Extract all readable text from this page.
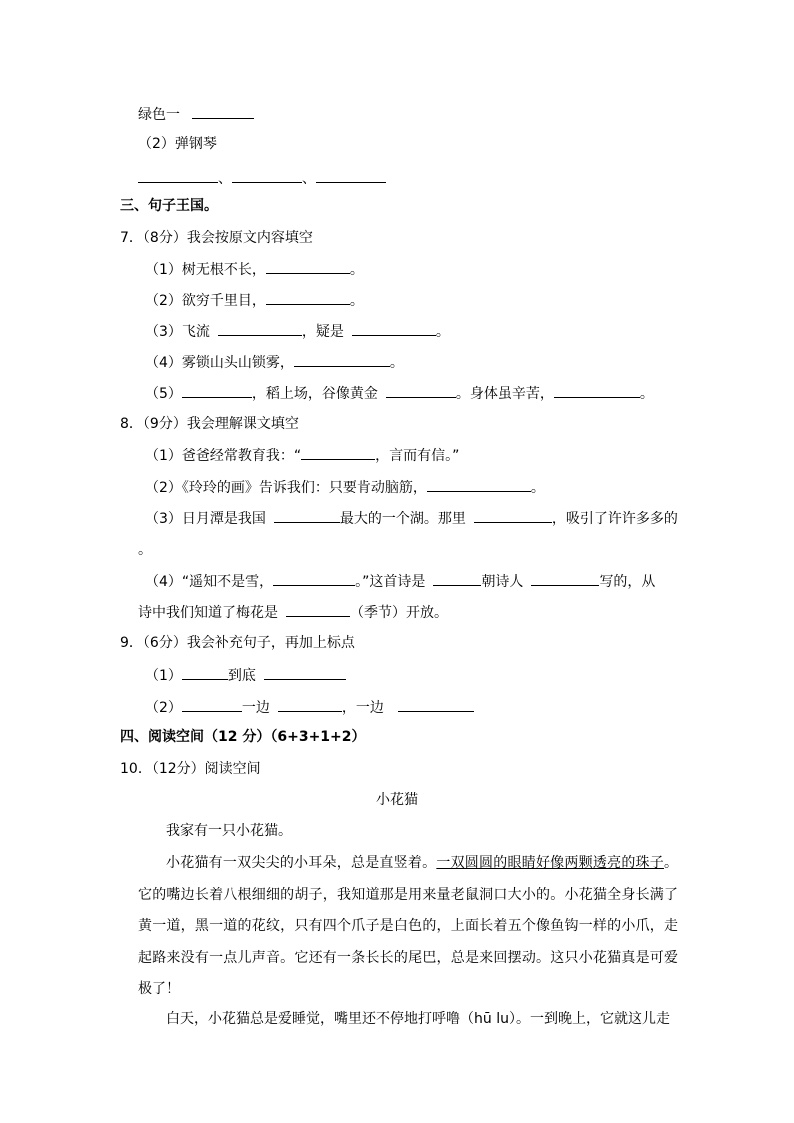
绿色一
（2）弹钢琴
、	、
三、句子王国。
7．（8分）我会按原文内容填空
（1）树无根不长，	。
（2）欲穷千里目，	。
（3）飞流	，疑是	。
（4）雾锁山头山锁雾，	。
（5）	，稻上场，谷像黄金	。身体虽辛苦，	。
8．（9分）我会理解课文填空
（1）爸爸经常教育我：“	，言而有信。”
（2）《玲玲的画》告诉我们：只要肯动脑筋，	。
（3）日月潭是我国	最大的一个湖。那里	，吸引了许许多多的
。
（4）“遥知不是雪，	。”这首诗是	朝诗人	写的，从
诗中我们知道了梅花是	（季节）开放。
9．（6分）我会补充句子，再加上标点
（1）	到底
（2）	一边	，一边
四、阅读空间（12 分）（6+3+1+2）
10．（12分）阅读空间
小花猫
我家有一只小花猫。
小花猫有一双尖尖的小耳朵，总是直竖着。一双圆圆的眼睛好像两颗透亮的珠子。它的嘴边长着八根细细的胡子，我知道那是用来量老鼠洞口大小的。小花猫全身长满了黄一道，黑一道的花纹，只有四个爪子是白色的，上面长着五个像鱼钩一样的小爪，走起路来没有一点儿声音。它还有一条长长的尾巴，总是来回摆动。这只小花猫真是可爱极了！
白天，小花猫总是爱睡觉，嘴里还不停地打呼噜（hū lu）。一到晚上，它就这儿走
